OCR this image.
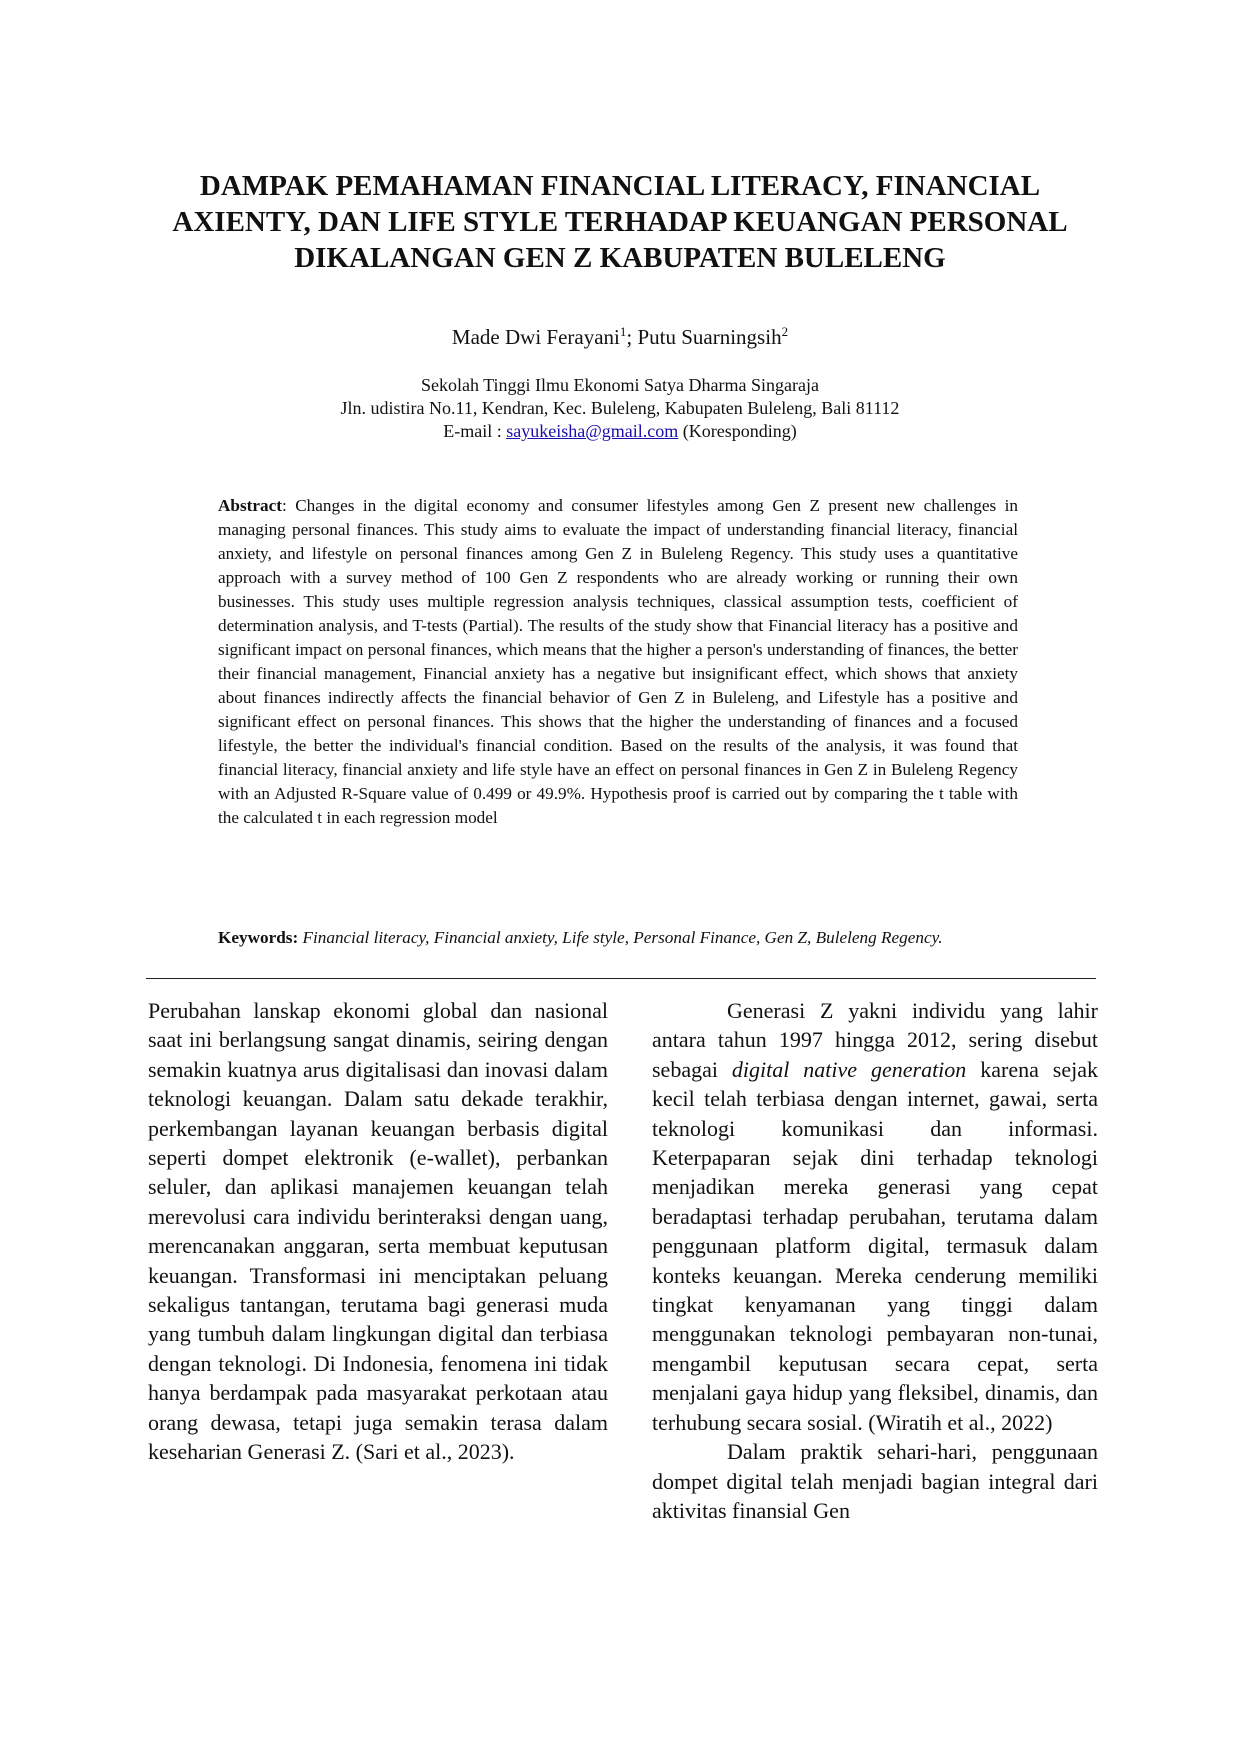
DAMPAK PEMAHAMAN FINANCIAL LITERACY, FINANCIAL
AXIENTY, DAN LIFE STYLE TERHADAP KEUANGAN PERSONAL
DIKALANGAN GEN Z KABUPATEN BULELENG
Made Dwi Ferayani$^1$; Putu Suarningsih$^2$
Sekolah Tinggi Ilmu Ekonomi Satya Dharma Singaraja
Jln. udistira No.11, Kendran, Kec. Buleleng, Kabupaten Buleleng, Bali 81112
E-mail : sayukeisha@gmail.com (Koresponding)

Abstract: Changes in the digital economy and consumer lifestyles among Gen Z present new challenges in managing personal finances. This study aims to evaluate the impact of understanding financial literacy, financial anxiety, and lifestyle on personal finances among Gen Z in Buleleng Regency. This study uses a quantitative approach with a survey method of 100 Gen Z respondents who are already working or running their own businesses. This study uses multiple regression analysis techniques, classical assumption tests, coefficient of determination analysis, and T-tests (Partial). The results of the study show that Financial literacy has a positive and significant impact on personal finances, which means that the higher a person's understanding of finances, the better their financial management, Financial anxiety has a negative but insignificant effect, which shows that anxiety about finances indirectly affects the financial behavior of Gen Z in Buleleng, and Lifestyle has a positive and significant effect on personal finances. This shows that the higher the understanding of finances and a focused lifestyle, the better the individual's financial condition. Based on the results of the analysis, it was found that financial literacy, financial anxiety and life style have an effect on personal finances in Gen Z in Buleleng Regency with an Adjusted R-Square value of 0.499 or 49.9%. Hypothesis proof is carried out by comparing the t table with the calculated t in each regression model

Keywords: Financial literacy, Financial anxiety, Life style, Personal Finance, Gen Z, Buleleng Regency.

Perubahan lanskap ekonomi global dan nasional saat ini berlangsung sangat dinamis, seiring dengan semakin kuatnya arus digitalisasi dan inovasi dalam teknologi keuangan. Dalam satu dekade terakhir, perkembangan layanan keuangan berbasis digital seperti dompet elektronik (e-wallet), perbankan seluler, dan aplikasi manajemen keuangan telah merevolusi cara individu berinteraksi dengan uang, merencanakan anggaran, serta membuat keputusan keuangan. Transformasi ini menciptakan peluang sekaligus tantangan, terutama bagi generasi muda yang tumbuh dalam lingkungan digital dan terbiasa dengan teknologi. Di Indonesia, fenomena ini tidak hanya berdampak pada masyarakat perkotaan atau orang dewasa, tetapi juga semakin terasa dalam keseharian Generasi Z. (Sari et al., 2023).

Generasi Z yakni individu yang lahir antara tahun 1997 hingga 2012, sering disebut sebagai digital native generation karena sejak kecil telah terbiasa dengan internet, gawai, serta teknologi komunikasi dan informasi. Keterpaparan sejak dini terhadap teknologi menjadikan mereka generasi yang cepat beradaptasi terhadap perubahan, terutama dalam penggunaan platform digital, termasuk dalam konteks keuangan. Mereka cenderung memiliki tingkat kenyamanan yang tinggi dalam menggunakan teknologi pembayaran non-tunai, mengambil keputusan secara cepat, serta menjalani gaya hidup yang fleksibel, dinamis, dan terhubung secara sosial. (Wiratih et al., 2022)

Dalam praktik sehari-hari, penggunaan dompet digital telah menjadi bagian integral dari aktivitas finansial Gen
